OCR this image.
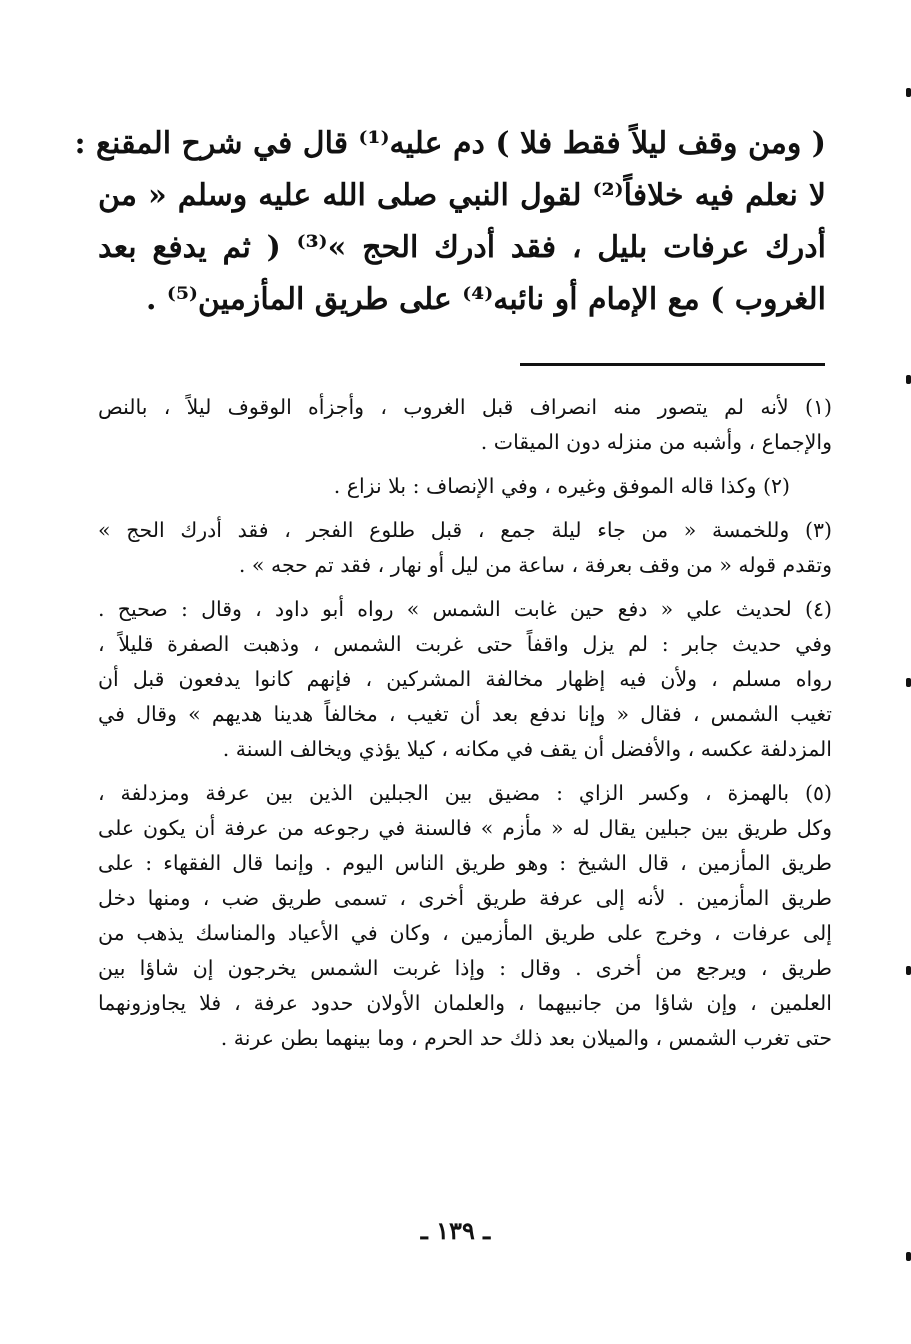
( ومن وقف ليلاً فقط فلا ) دم عليه⁽¹⁾ قال في شرح المقنع :
لا نعلم فيه خلافاً⁽²⁾ لقول النبي صلى الله عليه وسلم « من
أدرك عرفات بليل ، فقد أدرك الحج »⁽³⁾ ( ثم يدفع بعد
الغروب ) مع الإمام أو نائبه⁽⁴⁾ على طريق المأزمين⁽⁵⁾ .
(١) لأنه لم يتصور منه انصراف قبل الغروب ، وأجزأه الوقوف ليلاً ، بالنص
والإجماع ، وأشبه من منزله دون الميقات .
(٢) وكذا قاله الموفق وغيره ، وفي الإنصاف : بلا نزاع .
(٣) وللخمسة « من جاء ليلة جمع ، قبل طلوع الفجر ، فقد أدرك الحج »
وتقدم قوله « من وقف بعرفة ، ساعة من ليل أو نهار ، فقد تم حجه » .
(٤) لحديث علي « دفع حين غابت الشمس » رواه أبو داود ، وقال : صحيح .
وفي حديث جابر : لم يزل واقفاً حتى غربت الشمس ، وذهبت الصفرة قليلاً ،
رواه مسلم ، ولأن فيه إظهار مخالفة المشركين ، فإنهم كانوا يدفعون قبل أن
تغيب الشمس ، فقال « وإنا ندفع بعد أن تغيب ، مخالفاً هدينا هديهم » وقال في
المزدلفة عكسه ، والأفضل أن يقف في مكانه ، كيلا يؤذي ويخالف السنة .
(٥) بالهمزة ، وكسر الزاي : مضيق بين الجبلين الذين بين عرفة ومزدلفة ،
وكل طريق بين جبلين يقال له « مأزم » فالسنة في رجوعه من عرفة أن يكون على
طريق المأزمين ، قال الشيخ : وهو طريق الناس اليوم . وإنما قال الفقهاء : على
طريق المأزمين . لأنه إلى عرفة طريق أخرى ، تسمى طريق ضب ، ومنها دخل
إلى عرفات ، وخرج على طريق المأزمين ، وكان في الأعياد والمناسك يذهب من
طريق ، ويرجع من أخرى . وقال : وإذا غربت الشمس يخرجون إن شاؤا بين
العلمين ، وإن شاؤا من جانبيهما ، والعلمان الأولان حدود عرفة ، فلا يجاوزونهما
حتى تغرب الشمس ، والميلان بعد ذلك حد الحرم ، وما بينهما بطن عرنة .
ـ ١٣٩ ـ
